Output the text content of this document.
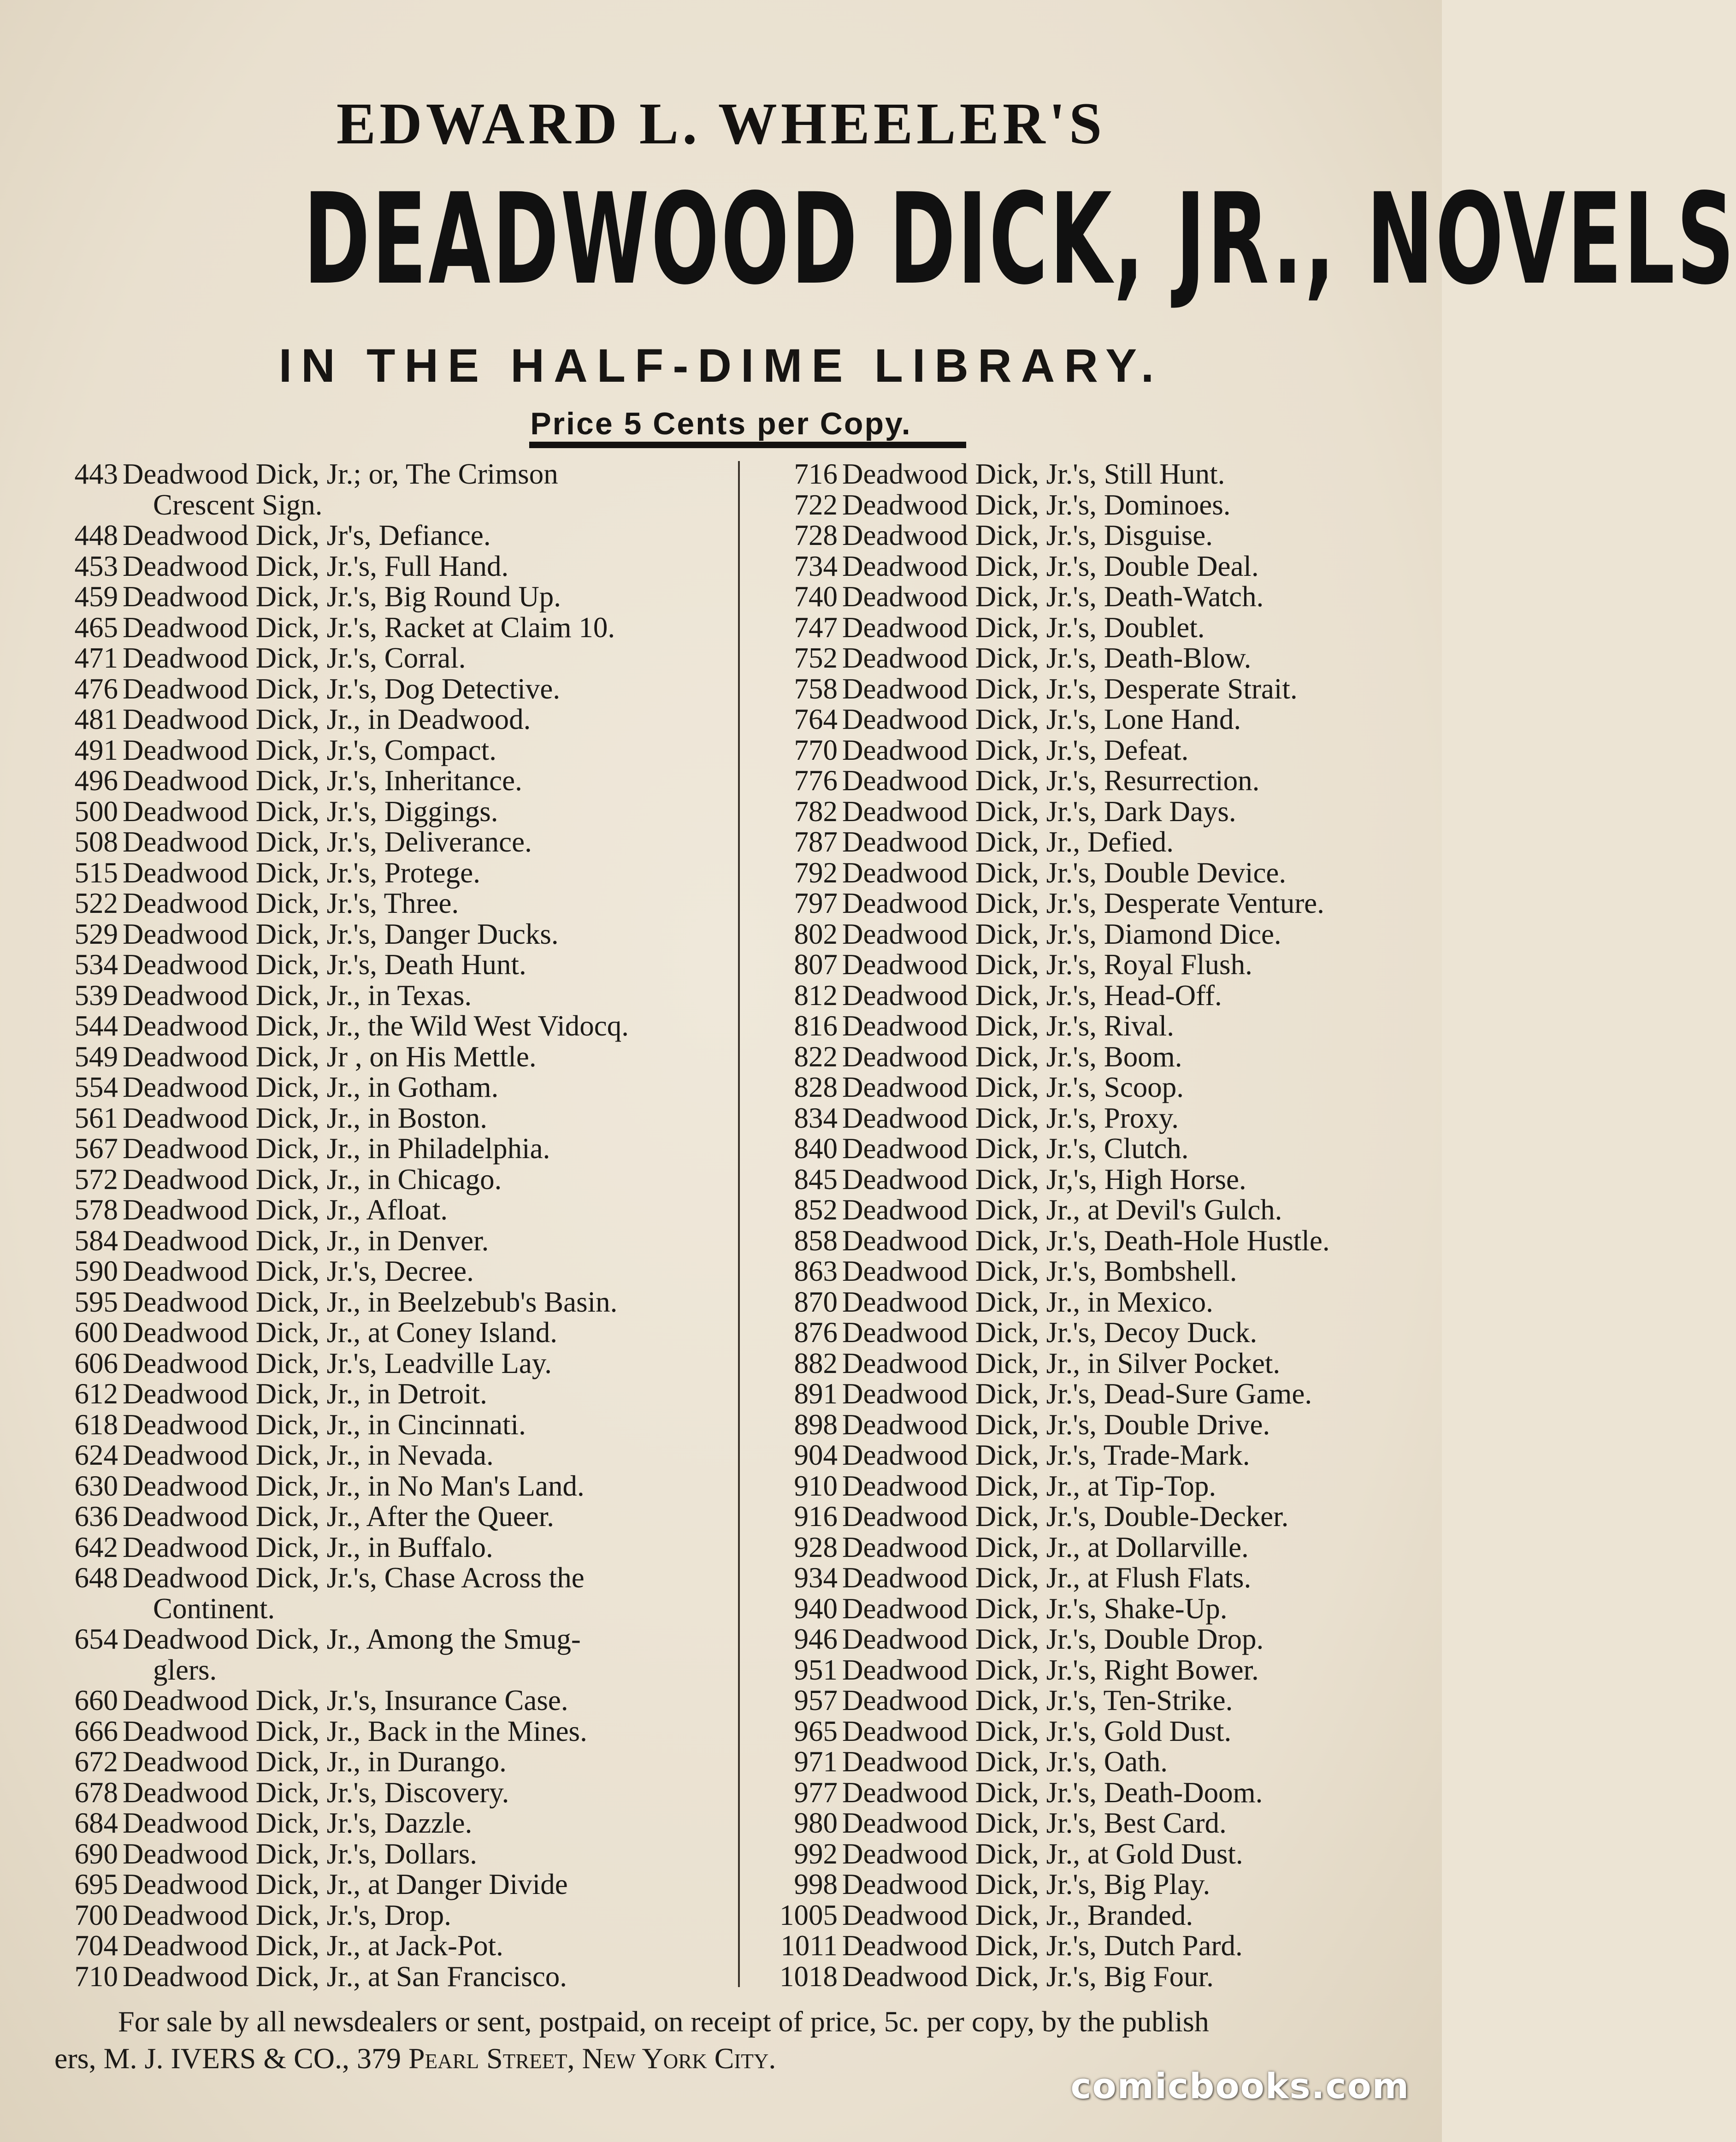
EDWARD L. WHEELER'S
DEADWOOD DICK, JR., NOVELS
IN THE HALF-DIME LIBRARY.
Price 5 Cents per Copy.
443 Deadwood Dick, Jr.; or, The Crimson
Crescent Sign.
448 Deadwood Dick, Jr's, Defiance.
453 Deadwood Dick, Jr.'s, Full Hand.
459 Deadwood Dick, Jr.'s, Big Round Up.
465 Deadwood Dick, Jr.'s, Racket at Claim 10.
471 Deadwood Dick, Jr.'s, Corral.
476 Deadwood Dick, Jr.'s, Dog Detective.
481 Deadwood Dick, Jr., in Deadwood.
491 Deadwood Dick, Jr.'s, Compact.
496 Deadwood Dick, Jr.'s, Inheritance.
500 Deadwood Dick, Jr.'s, Diggings.
508 Deadwood Dick, Jr.'s, Deliverance.
515 Deadwood Dick, Jr.'s, Protege.
522 Deadwood Dick, Jr.'s, Three.
529 Deadwood Dick, Jr.'s, Danger Ducks.
534 Deadwood Dick, Jr.'s, Death Hunt.
539 Deadwood Dick, Jr., in Texas.
544 Deadwood Dick, Jr., the Wild West Vidocq.
549 Deadwood Dick, Jr , on His Mettle.
554 Deadwood Dick, Jr., in Gotham.
561 Deadwood Dick, Jr., in Boston.
567 Deadwood Dick, Jr., in Philadelphia.
572 Deadwood Dick, Jr., in Chicago.
578 Deadwood Dick, Jr., Afloat.
584 Deadwood Dick, Jr., in Denver.
590 Deadwood Dick, Jr.'s, Decree.
595 Deadwood Dick, Jr., in Beelzebub's Basin.
600 Deadwood Dick, Jr., at Coney Island.
606 Deadwood Dick, Jr.'s, Leadville Lay.
612 Deadwood Dick, Jr., in Detroit.
618 Deadwood Dick, Jr., in Cincinnati.
624 Deadwood Dick, Jr., in Nevada.
630 Deadwood Dick, Jr., in No Man's Land.
636 Deadwood Dick, Jr., After the Queer.
642 Deadwood Dick, Jr., in Buffalo.
648 Deadwood Dick, Jr.'s, Chase Across the
Continent.
654 Deadwood Dick, Jr., Among the Smug-
glers.
660 Deadwood Dick, Jr.'s, Insurance Case.
666 Deadwood Dick, Jr., Back in the Mines.
672 Deadwood Dick, Jr., in Durango.
678 Deadwood Dick, Jr.'s, Discovery.
684 Deadwood Dick, Jr.'s, Dazzle.
690 Deadwood Dick, Jr.'s, Dollars.
695 Deadwood Dick, Jr., at Danger Divide
700 Deadwood Dick, Jr.'s, Drop.
704 Deadwood Dick, Jr., at Jack-Pot.
710 Deadwood Dick, Jr., at San Francisco.
716 Deadwood Dick, Jr.'s, Still Hunt.
722 Deadwood Dick, Jr.'s, Dominoes.
728 Deadwood Dick, Jr.'s, Disguise.
734 Deadwood Dick, Jr.'s, Double Deal.
740 Deadwood Dick, Jr.'s, Death-Watch.
747 Deadwood Dick, Jr.'s, Doublet.
752 Deadwood Dick, Jr.'s, Death-Blow.
758 Deadwood Dick, Jr.'s, Desperate Strait.
764 Deadwood Dick, Jr.'s, Lone Hand.
770 Deadwood Dick, Jr.'s, Defeat.
776 Deadwood Dick, Jr.'s, Resurrection.
782 Deadwood Dick, Jr.'s, Dark Days.
787 Deadwood Dick, Jr., Defied.
792 Deadwood Dick, Jr.'s, Double Device.
797 Deadwood Dick, Jr.'s, Desperate Venture.
802 Deadwood Dick, Jr.'s, Diamond Dice.
807 Deadwood Dick, Jr.'s, Royal Flush.
812 Deadwood Dick, Jr.'s, Head-Off.
816 Deadwood Dick, Jr.'s, Rival.
822 Deadwood Dick, Jr.'s, Boom.
828 Deadwood Dick, Jr.'s, Scoop.
834 Deadwood Dick, Jr.'s, Proxy.
840 Deadwood Dick, Jr.'s, Clutch.
845 Deadwood Dick, Jr,'s, High Horse.
852 Deadwood Dick, Jr., at Devil's Gulch.
858 Deadwood Dick, Jr.'s, Death-Hole Hustle.
863 Deadwood Dick, Jr.'s, Bombshell.
870 Deadwood Dick, Jr., in Mexico.
876 Deadwood Dick, Jr.'s, Decoy Duck.
882 Deadwood Dick, Jr., in Silver Pocket.
891 Deadwood Dick, Jr.'s, Dead-Sure Game.
898 Deadwood Dick, Jr.'s, Double Drive.
904 Deadwood Dick, Jr.'s, Trade-Mark.
910 Deadwood Dick, Jr., at Tip-Top.
916 Deadwood Dick, Jr.'s, Double-Decker.
928 Deadwood Dick, Jr., at Dollarville.
934 Deadwood Dick, Jr., at Flush Flats.
940 Deadwood Dick, Jr.'s, Shake-Up.
946 Deadwood Dick, Jr.'s, Double Drop.
951 Deadwood Dick, Jr.'s, Right Bower.
957 Deadwood Dick, Jr.'s, Ten-Strike.
965 Deadwood Dick, Jr.'s, Gold Dust.
971 Deadwood Dick, Jr.'s, Oath.
977 Deadwood Dick, Jr.'s, Death-Doom.
980 Deadwood Dick, Jr.'s, Best Card.
992 Deadwood Dick, Jr., at Gold Dust.
998 Deadwood Dick, Jr.'s, Big Play.
1005 Deadwood Dick, Jr., Branded.
1011 Deadwood Dick, Jr.'s, Dutch Pard.
1018 Deadwood Dick, Jr.'s, Big Four.

For sale by all newsdealers or sent, postpaid, on receipt of price, 5c. per copy, by the publish

ers, M. J. IVERS & CO., 379 Pearl Street, New York City.

comicbooks.com
